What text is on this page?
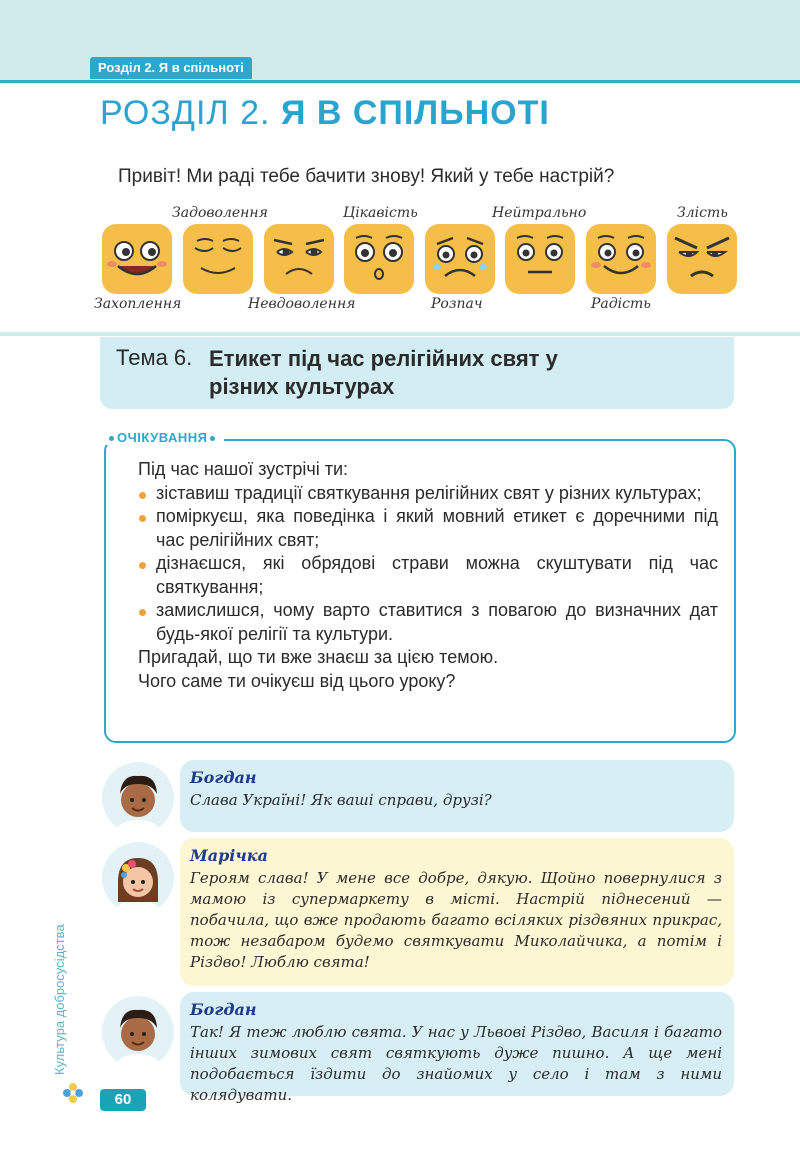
Розділ 2. Я в спільноті
РОЗДІЛ 2. Я В СПІЛЬНОТІ
Привіт! Ми раді тебе бачити знову! Який у тебе настрій?
Захоплення
Задоволення
Невдоволення
Цікавість
Розпач
Нейтрально
Радість
Злість
Тема 6. Етикет під час релігійних свят у різних культурах
ОЧІКУВАННЯ

Під час нашої зустрічі ти:

зіставиш традиції святкування релігійних свят у різних культурах;
поміркуєш, яка поведінка і який мовний етикет є доречними під час релігійних свят;
дізнаєшся, які обрядові страви можна скуштувати під час святкування;
замислишся, чому варто ставитися з повагою до визначних дат будь-якої релігії та культури.

Пригадай, що ти вже знаєш за цією темою.

Чого саме ти очікуєш від цього уроку?

Богдан
Слава Україні! Як ваші справи, друзі?
Марічка
Героям слава! У мене все добре, дякую. Щойно повернулися з мамою із супермаркету в місті. Настрій піднесений — побачила, що вже продають багато всіляких різдвяних прикрас, тож незабаром будемо святкувати Миколайчика, а потім і Різдво! Люблю свята!
Богдан
Так! Я теж люблю свята. У нас у Львові Різдво, Василя і багато інших зимових свят святкують дуже пишно. А ще мені подобається їздити до знайомих у село і там з ними колядувати.
Культура добросусідства
60
